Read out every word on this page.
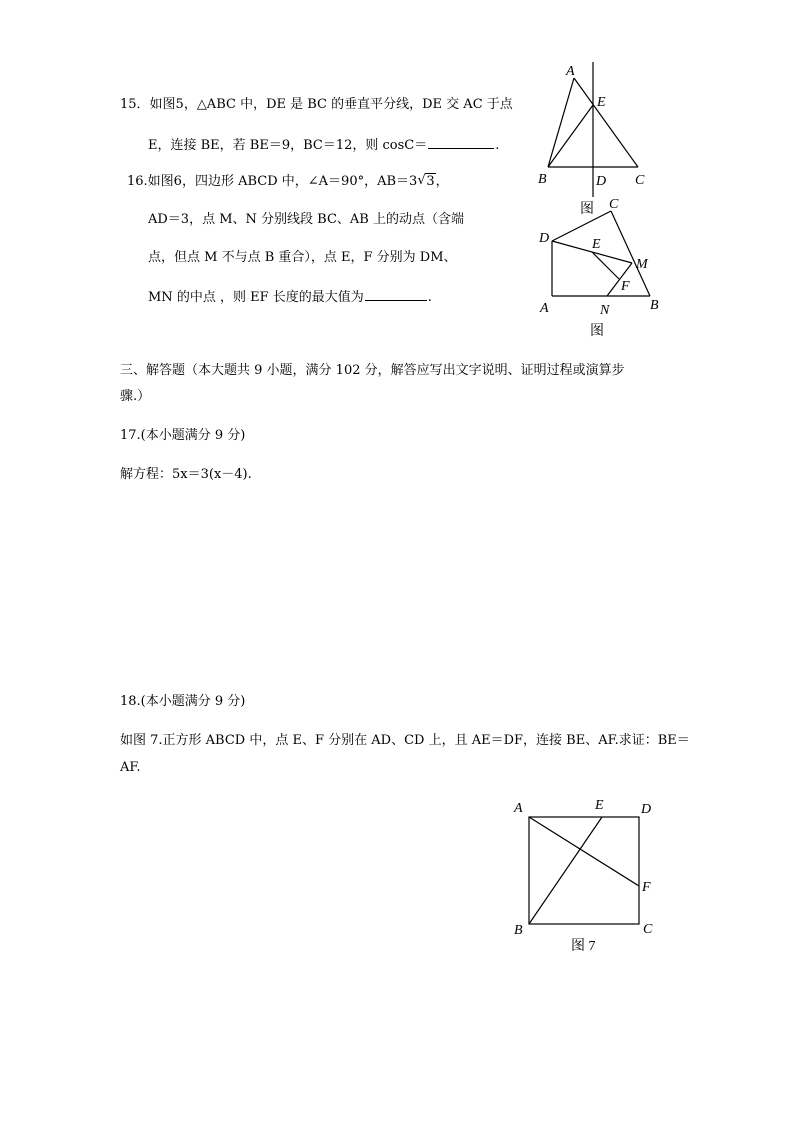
15．如图5，△ABC 中，DE 是 BC 的垂直平分线，DE 交 AC 于点
E，连接 BE，若 BE＝9，BC＝12，则 cosC＝	.
16.如图6，四边形 ABCD 中，∠A＝90°，AB＝3 √ 3，
AD＝3，点 M、N 分别线段 BC、AB 上的动点（含端
点，但点 M 不与点 B 重合），点 E，F 分别为 DM、
MN 的中点 ，则 EF 长度的最大值为	.
A
E
B	D C
图 C
D	E
M
F
A	N	B
图
三、解答题（本大题共 9 小题，满分 102 分，解答应写出文字说明、证明过程或演算步
骤.）
17.(本小题满分 9 分)
解方程：5x＝3(x－4).
18.(本小题满分 9 分)
如图 7.正方形 ABCD 中，点 E、F 分别在 AD、CD 上，且 AE＝DF，连接 BE、AF.求证：BE＝
AF.
A	E	D
F
B	C
图 7
